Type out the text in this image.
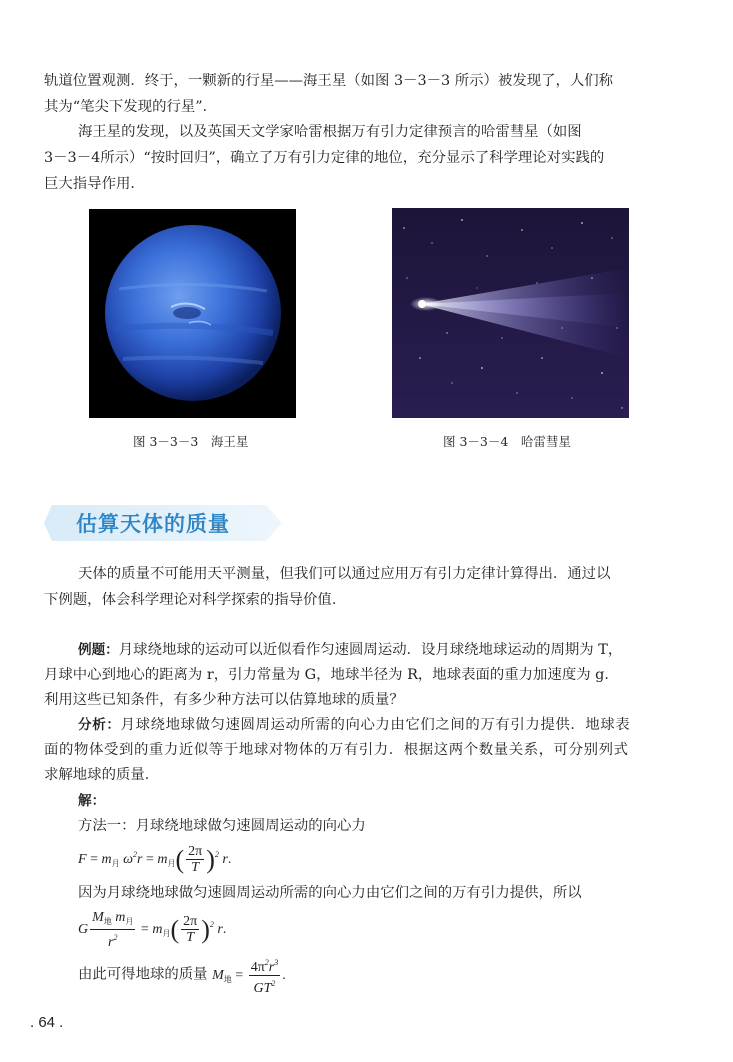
轨道位置观测．终于，一颗新的行星——海王星（如图 3－3－3 所示）被发现了，人们称
其为“笔尖下发现的行星”．
海王星的发现，以及英国天文学家哈雷根据万有引力定律预言的哈雷彗星（如图
3－3－4所示）“按时回归”，确立了万有引力定律的地位，充分显示了科学理论对实践的
巨大指导作用．
图 3－3－3　海王星	图 3－3－4　哈雷彗星
估算天体的质量
天体的质量不可能用天平测量，但我们可以通过应用万有引力定律计算得出．通过以
下例题，体会科学理论对科学探索的指导价值．
例题：月球绕地球的运动可以近似看作匀速圆周运动．设月球绕地球运动的周期为 T，
月球中心到地心的距离为 r，引力常量为 G，地球半径为 R，地球表面的重力加速度为 g．
利用这些已知条件，有多少种方法可以估算地球的质量？
分析：月球绕地球做匀速圆周运动所需的向心力由它们之间的万有引力提供．地球表
面的物体受到的重力近似等于地球对物体的万有引力．根据这两个数量关系，可分别列式
求解地球的质量．
解：
方法一：月球绕地球做匀速圆周运动的向心力
$F = m_月$ $\omega^2r = m_月( \frac{2\pi}{T} )^2$ r.
因为月球绕地球做匀速圆周运动所需的向心力由它们之间的万有引力提供，所以
G $\frac{M_地 m_月}{r^2} = m_月( \frac{2\pi}{T} )^2$ r.
由此可得地球的质量 $M_地 = \frac{4\pi^2r^3}{GT^2}$ .
. 64 .
